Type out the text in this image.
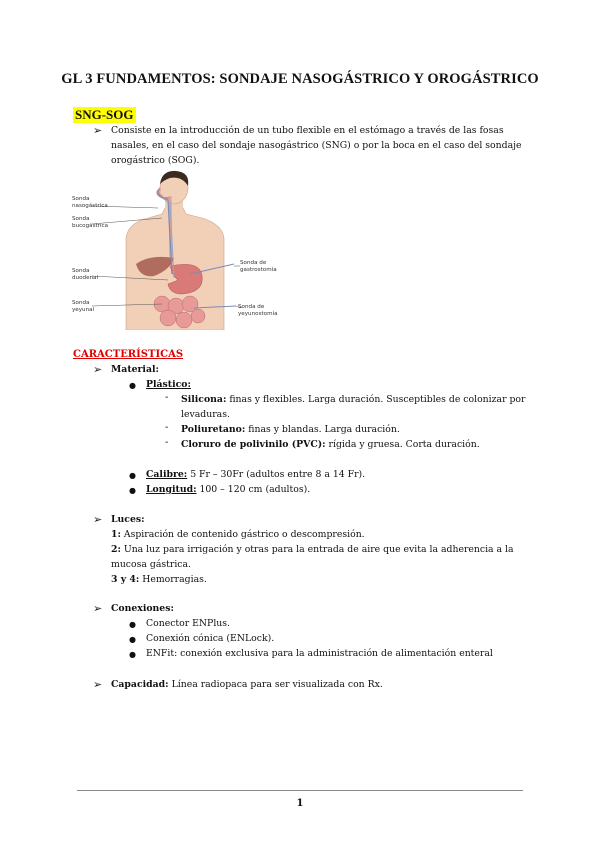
GL 3 FUNDAMENTOS: SONDAJE NASOGÁSTRICO Y OROGÁSTRICO
SNG-SOG
➢ Consiste en la introducción de un tubo flexible en el estómago a través de las fosas
nasales, en el caso del sondaje nasogástrico (SNG) o por la boca en el caso del sondaje
orogástrico (SOG).
Sonda
nasogástrica
Sonda
bucogástrica
Sonda
duodenal
Sonda
yeyunal
Sonda de
gastrostomía
Sonda de
yeyunostomía
CARACTERÍSTICAS
➢ Material:
● Plástico:
- Silicona: finas y flexibles. Larga duración. Susceptibles de colonizar por
levaduras.
- Poliuretano: finas y blandas. Larga duración.
- Cloruro de polivinilo (PVC): rígida y gruesa. Corta duración.
● Calibre: 5 Fr – 30Fr (adultos entre 8 a 14 Fr).
● Longitud: 100 – 120 cm (adultos).
➢ Luces:
1: Aspiración de contenido gástrico o descompresión.
2: Una luz para irrigación y otras para la entrada de aire que evita la adherencia a la
mucosa gástrica.
3 y 4: Hemorragias.
➢ Conexiones:
● Conector ENPlus.
● Conexión cónica (ENLock).
● ENFit: conexión exclusiva para la administración de alimentación enteral
➢ Capacidad: Línea radiopaca para ser visualizada con Rx.
1
